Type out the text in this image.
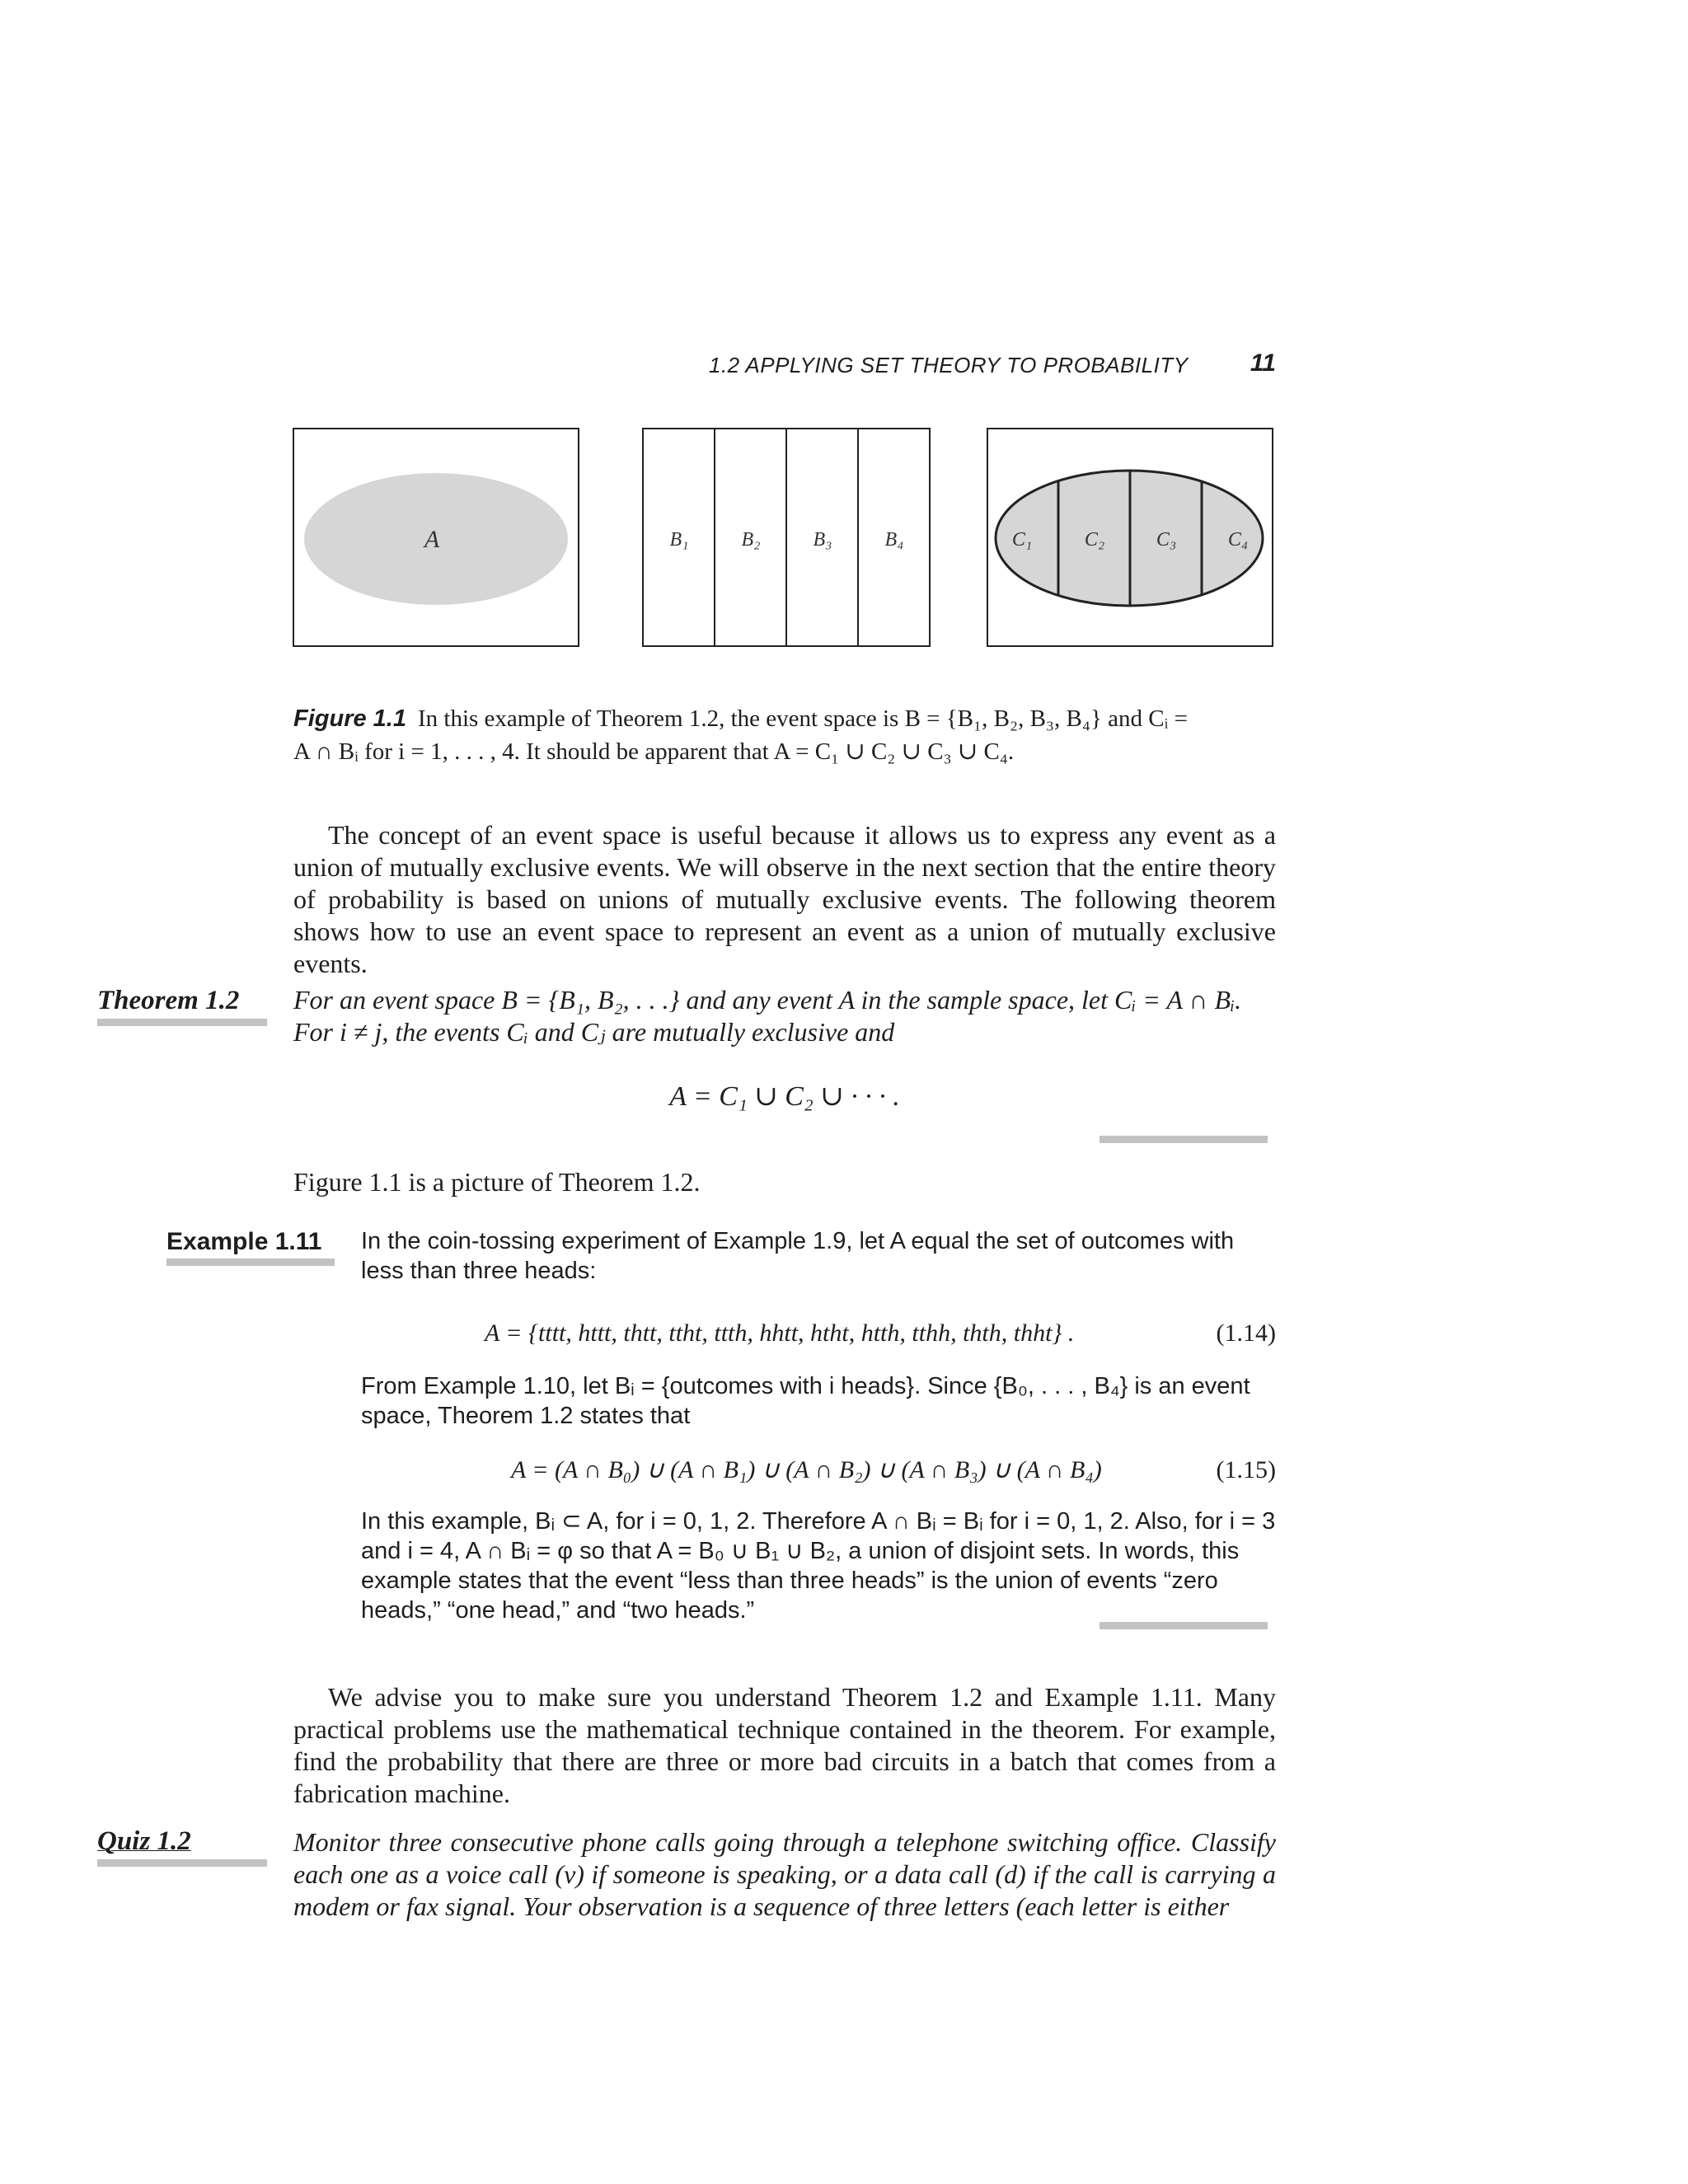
1.2 APPLYING SET THEORY TO PROBABILITY	11
A	B₁	B₂	B₃	B₄	C₁	C₂	C₃	C₄
Figure 1.1 In this example of Theorem 1.2, the event space is B = {B₁, B₂, B₃, B₄} and Cᵢ =
A ∩ Bᵢ for i = 1, . . . , 4. It should be apparent that A = C₁ ∪ C₂ ∪ C₃ ∪ C₄.

The concept of an event space is useful because it allows us to express any event as a union of mutually exclusive events. We will observe in the next section that the entire theory of probability is based on unions of mutually exclusive events. The following theorem shows how to use an event space to represent an event as a union of mutually exclusive events.

Theorem 1.2	For an event space B = {B₁, B₂, . . .} and any event A in the sample space, let Cᵢ = A ∩ Bᵢ.
For i ≠ j, the events Cᵢ and Cⱼ are mutually exclusive and
A = C₁ ∪ C₂ ∪ · · · .
Figure 1.1 is a picture of Theorem 1.2.
Example 1.11	In the coin-tossing experiment of Example 1.9, let A equal the set of outcomes with less than three heads:

A = {tttt, httt, thtt, ttht, ttth, hhtt, htht, htth, tthh, thth, thht} .	(1.14)

From Example 1.10, let Bᵢ = {outcomes with i heads}. Since {B₀, . . . , B₄} is an event space, Theorem 1.2 states that

A = (A ∩ B₀) ∪ (A ∩ B₁) ∪ (A ∩ B₂) ∪ (A ∩ B₃) ∪ (A ∩ B₄)	(1.15)

In this example, Bᵢ ⊂ A, for i = 0, 1, 2. Therefore A ∩ Bᵢ = Bᵢ for i = 0, 1, 2. Also, for i = 3 and i = 4, A ∩ Bᵢ = φ so that A = B₀ ∪ B₁ ∪ B₂, a union of disjoint sets. In words, this example states that the event “less than three heads” is the union of events “zero heads,” “one head,” and “two heads.”

We advise you to make sure you understand Theorem 1.2 and Example 1.11. Many practical problems use the mathematical technique contained in the theorem. For example, find the probability that there are three or more bad circuits in a batch that comes from a fabrication machine.

Quiz 1.2	Monitor three consecutive phone calls going through a telephone switching office. Classify each one as a voice call (v) if someone is speaking, or a data call (d) if the call is carrying a modem or fax signal. Your observation is a sequence of three letters (each letter is either
